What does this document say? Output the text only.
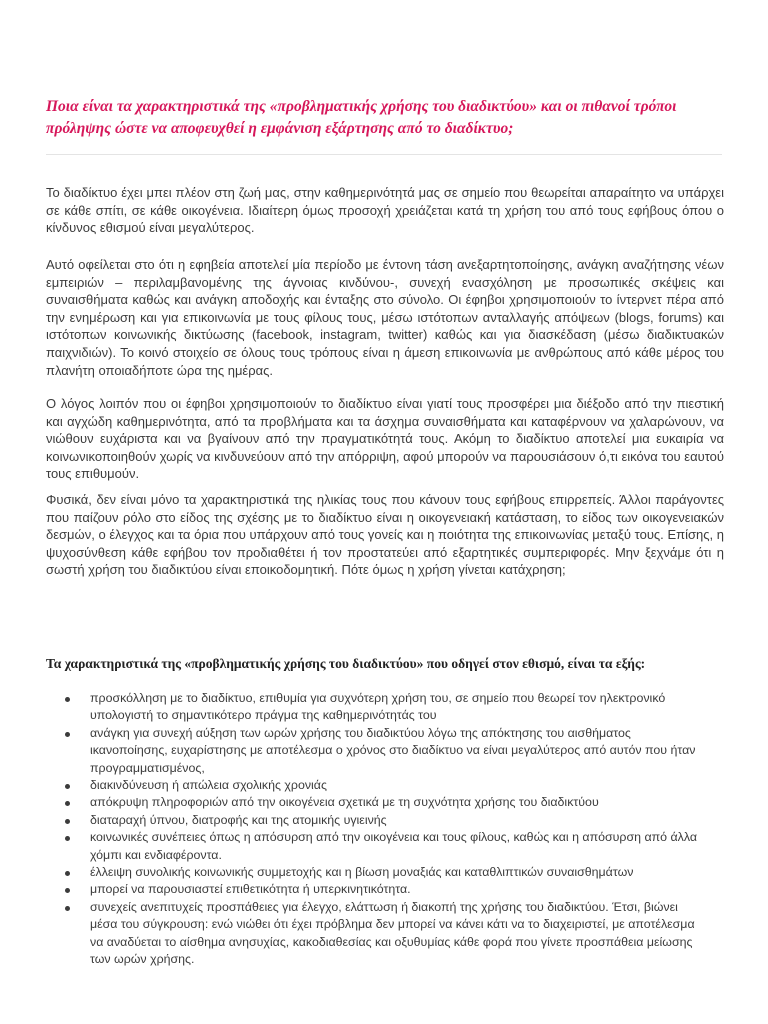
Ποια είναι τα χαρακτηριστικά της «προβληματικής χρήσης του διαδικτύου» και οι πιθανοί τρόποι πρόληψης ώστε να αποφευχθεί η εμφάνιση εξάρτησης από το διαδίκτυο;

Το διαδίκτυο έχει μπει πλέον στη ζωή μας, στην καθημερινότητά μας σε σημείο που θεωρείται απαραίτητο να υπάρχει σε κάθε σπίτι, σε κάθε οικογένεια. Ιδιαίτερη όμως προσοχή χρειάζεται κατά τη χρήση του από τους εφήβους όπου ο κίνδυνος εθισμού είναι μεγαλύτερος.

Αυτό οφείλεται στο ότι η εφηβεία αποτελεί μία περίοδο με έντονη τάση ανεξαρτητοποίησης, ανάγκη αναζήτησης νέων εμπειριών – περιλαμβανομένης της άγνοιας κινδύνου-, συνεχή ενασχόληση με προσωπικές σκέψεις και συναισθήματα καθώς και ανάγκη αποδοχής και ένταξης στο σύνολο. Οι έφηβοι χρησιμοποιούν το ίντερνετ πέρα από την ενημέρωση και για επικοινωνία με τους φίλους τους, μέσω ιστότοπων ανταλλαγής απόψεων (blogs, forums) και ιστότοπων κοινωνικής δικτύωσης (facebook, instagram, twitter) καθώς και για διασκέδαση (μέσω διαδικτυακών παιχνιδιών). Το κοινό στοιχείο σε όλους τους τρόπους είναι η άμεση επικοινωνία με ανθρώπους από κάθε μέρος του πλανήτη οποιαδήποτε ώρα της ημέρας.

Ο λόγος λοιπόν που οι έφηβοι χρησιμοποιούν το διαδίκτυο είναι γιατί τους προσφέρει μια διέξοδο από την πιεστική και αγχώδη καθημερινότητα, από τα προβλήματα και τα άσχημα συναισθήματα και καταφέρνουν να χαλαρώνουν, να νιώθουν ευχάριστα και να βγαίνουν από την πραγματικότητά τους. Ακόμη το διαδίκτυο αποτελεί μια ευκαιρία να κοινωνικοποιηθούν χωρίς να κινδυνεύουν από την απόρριψη, αφού μπορούν να παρουσιάσουν ό,τι εικόνα του εαυτού τους επιθυμούν.

Φυσικά, δεν είναι μόνο τα χαρακτηριστικά της ηλικίας τους που κάνουν τους εφήβους επιρρεπείς. Άλλοι παράγοντες που παίζουν ρόλο στο είδος της σχέσης με το διαδίκτυο είναι η οικογενειακή κατάσταση, το είδος των οικογενειακών δεσμών, ο έλεγχος και τα όρια που υπάρχουν από τους γονείς και η ποιότητα της επικοινωνίας μεταξύ τους. Επίσης, η ψυχοσύνθεση κάθε εφήβου τον προδιαθέτει ή τον προστατεύει από εξαρτητικές συμπεριφορές. Μην ξεχνάμε ότι η σωστή χρήση του διαδικτύου είναι εποικοδομητική. Πότε όμως η χρήση γίνεται κατάχρηση;

Τα χαρακτηριστικά της «προβληματικής χρήσης του διαδικτύου» που οδηγεί στον εθισμό, είναι τα εξής:
προσκόλληση με το διαδίκτυο, επιθυμία για συχνότερη χρήση του, σε σημείο που θεωρεί τον ηλεκτρονικό υπολογιστή το σημαντικότερο πράγμα της καθημερινότητάς του
ανάγκη για συνεχή αύξηση των ωρών χρήσης του διαδικτύου λόγω της απόκτησης του αισθήματος ικανοποίησης, ευχαρίστησης με αποτέλεσμα ο χρόνος στο διαδίκτυο να είναι μεγαλύτερος από αυτόν που ήταν προγραμματισμένος,
διακινδύνευση ή απώλεια σχολικής χρονιάς
απόκρυψη πληροφοριών από την οικογένεια σχετικά με τη συχνότητα χρήσης του διαδικτύου
διαταραχή ύπνου, διατροφής και της ατομικής υγιεινής
κοινωνικές συνέπειες όπως η απόσυρση από την οικογένεια και τους φίλους, καθώς και η απόσυρση από άλλα χόμπι και ενδιαφέροντα.
έλλειψη συνολικής κοινωνικής συμμετοχής και η βίωση μοναξιάς και καταθλιπτικών συναισθημάτων
μπορεί να παρουσιαστεί επιθετικότητα ή υπερκινητικότητα.
συνεχείς ανεπιτυχείς προσπάθειες για έλεγχο, ελάττωση ή διακοπή της χρήσης του διαδικτύου. Έτσι, βιώνει μέσα του σύγκρουση: ενώ νιώθει ότι έχει πρόβλημα δεν μπορεί να κάνει κάτι να το διαχειριστεί, με αποτέλεσμα να αναδύεται το αίσθημα ανησυχίας, κακοδιαθεσίας και οξυθυμίας κάθε φορά που γίνετε προσπάθεια μείωσης των ωρών χρήσης.
